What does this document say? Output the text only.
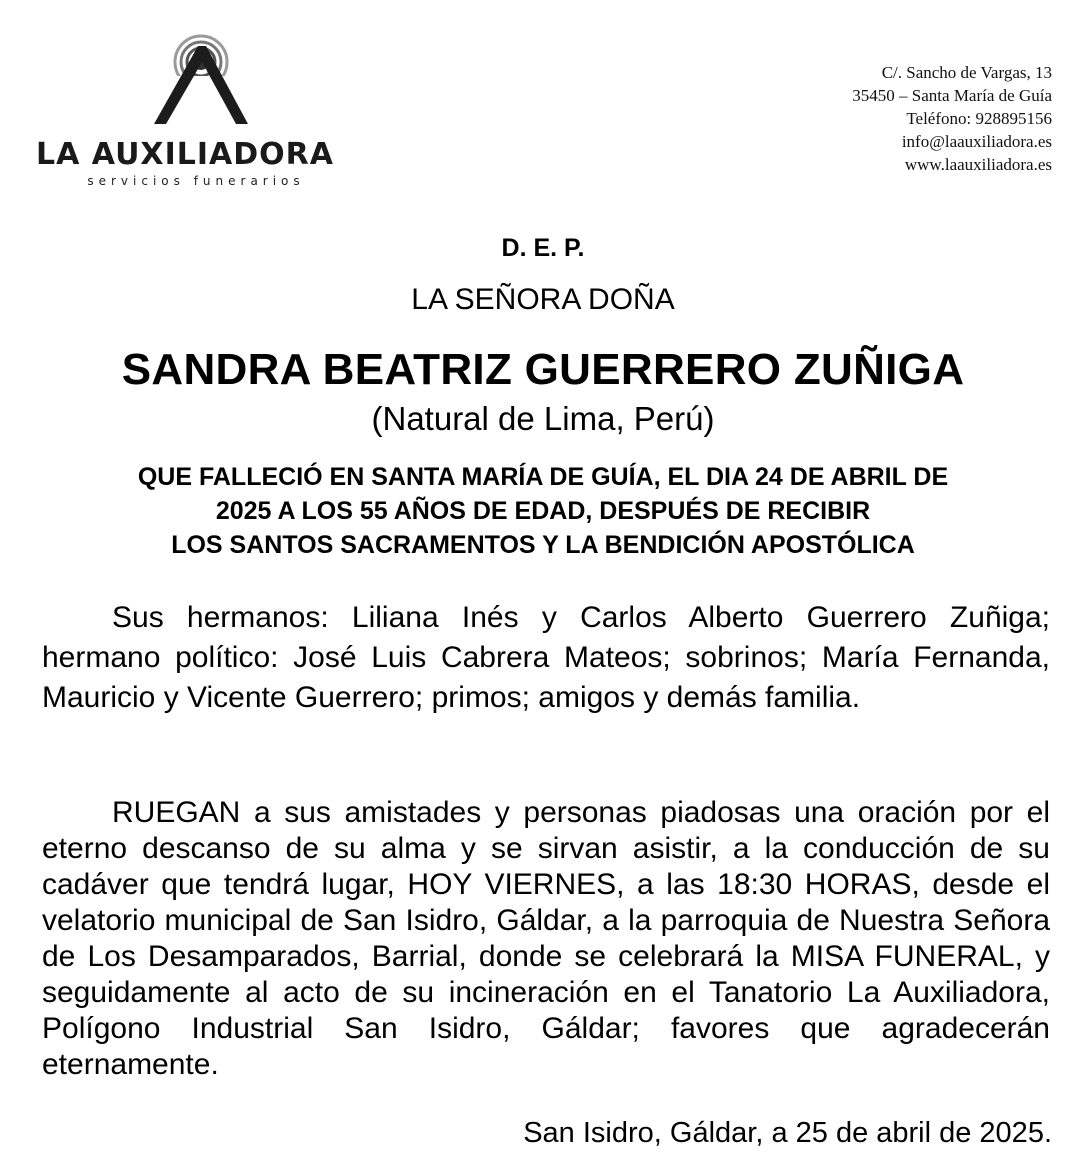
LA AUXILIADORA
servicios funerarios
C/. Sancho de Vargas, 13
35450 – Santa María de Guía
Teléfono: 928895156
info@laauxiliadora.es
www.laauxiliadora.es
D. E. P.
LA SEÑORA DOÑA
SANDRA BEATRIZ GUERRERO ZUÑIGA
(Natural de Lima, Perú)
QUE FALLECIÓ EN SANTA MARÍA DE GUÍA, EL DIA 24 DE ABRIL DE
2025 A LOS 55 AÑOS DE EDAD, DESPUÉS DE RECIBIR
LOS SANTOS SACRAMENTOS Y LA BENDICIÓN APOSTÓLICA
Sus hermanos: Liliana Inés y Carlos Alberto Guerrero Zuñiga; hermano político: José Luis Cabrera Mateos; sobrinos; María Fernanda, Mauricio y Vicente Guerrero; primos; amigos y demás familia.
RUEGAN a sus amistades y personas piadosas una oración por el eterno descanso de su alma y se sirvan asistir, a la conducción de su cadáver que tendrá lugar, HOY VIERNES, a las 18:30 HORAS, desde el velatorio municipal de San Isidro, Gáldar, a la parroquia de Nuestra Señora de Los Desamparados, Barrial, donde se celebrará la MISA FUNERAL, y seguidamente al acto de su incineración en el Tanatorio La Auxiliadora, Polígono Industrial San Isidro, Gáldar; favores que agradecerán eternamente.
San Isidro, Gáldar, a 25 de abril de 2025.
